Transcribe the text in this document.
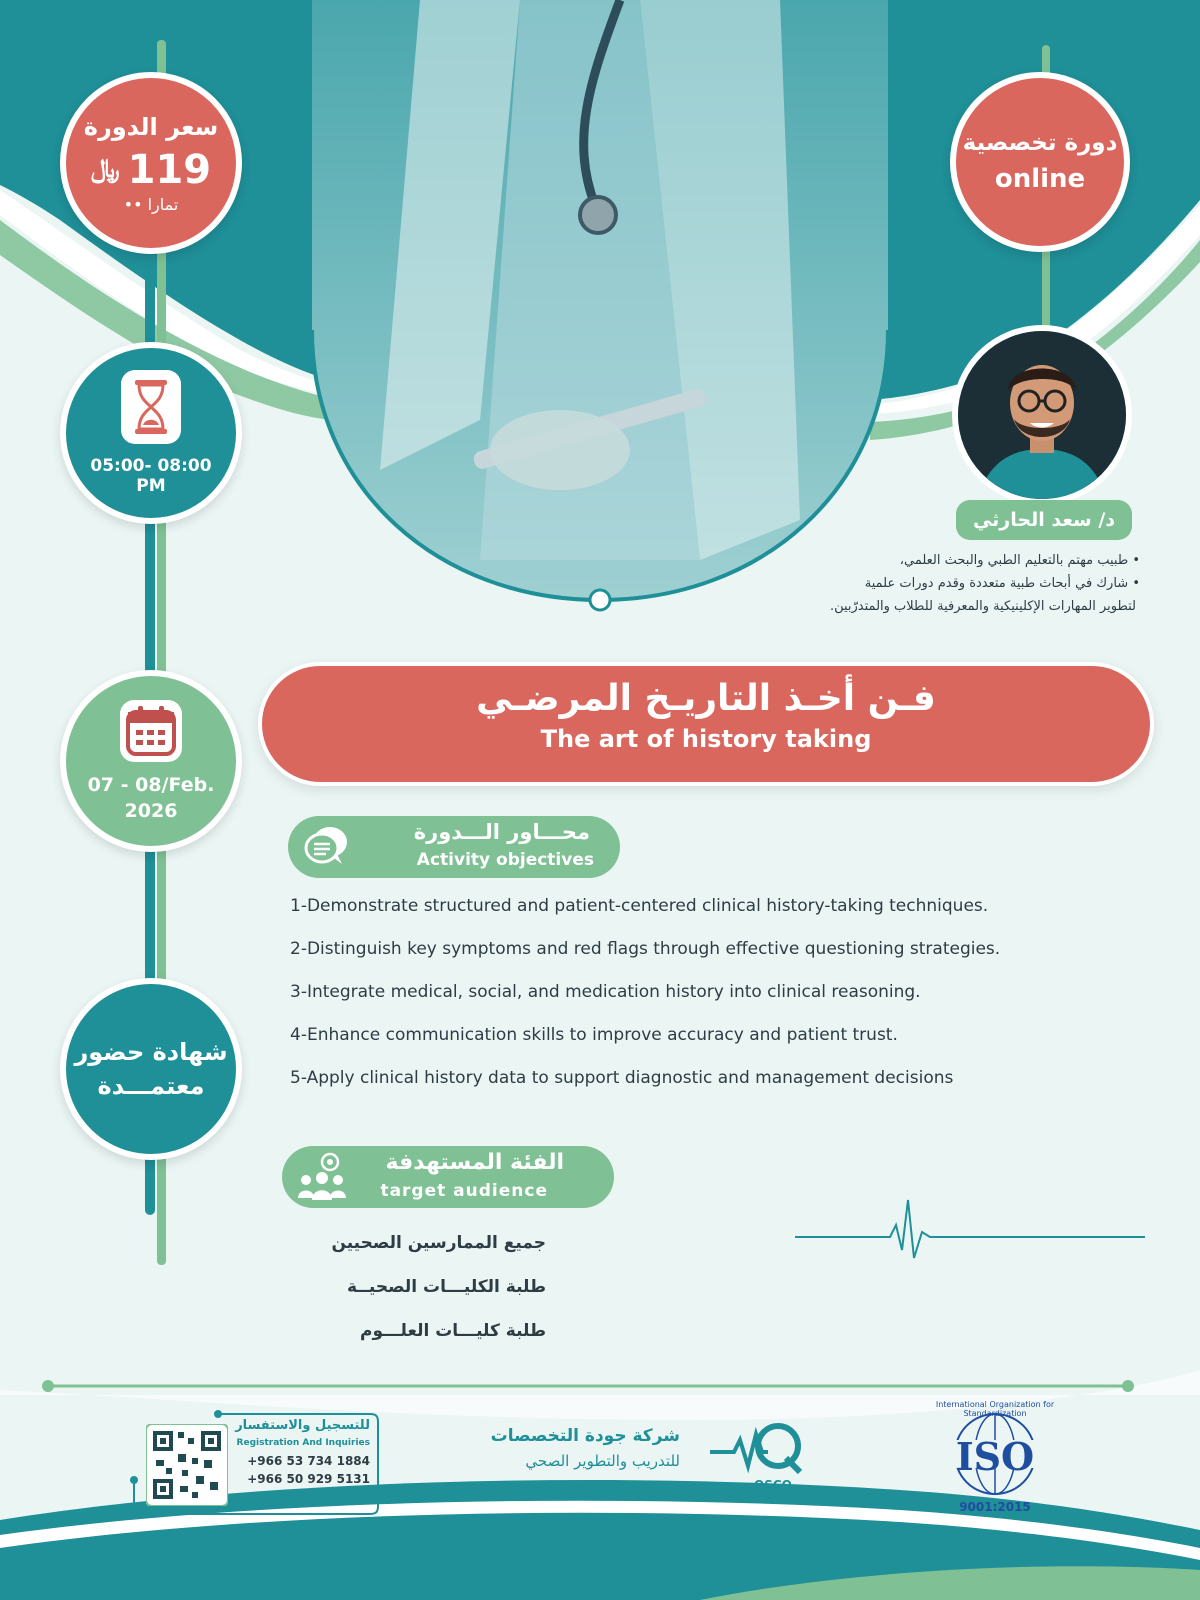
سعر الدورة
﷼ 119
تمارا ••
دورة تخصصية
online
05:00- 08:00
PM
07 - 08/Feb.
2026
شهادة حضور
معتمـــدة
د/ سعد الحارثي
• طبيب مهتم بالتعليم الطبي والبحث العلمي،
• شارك في أبحاث طبية متعددة وقدم دورات علمية
لتطوير المهارات الإكلينيكية والمعرفية للطلاب والمتدرّبين.
فـن أخـذ التاريـخ المرضـي
The art of history taking
محـــاور الـــدورة
Activity objectives
1-Demonstrate structured and patient-centered clinical history-taking techniques.
2-Distinguish key symptoms and red flags through effective questioning strategies.
3-Integrate medical, social, and medication history into clinical reasoning.
4-Enhance communication skills to improve accuracy and patient trust.
5-Apply clinical history data to support diagnostic and management decisions
الفئة المستهدفة
target audience
جميع الممارسين الصحيين
طلبة الكليـــات الصحيــة
طلبة كليـــات العلـــوم
للتسجيل والاستفسار
Registration And Inquiries
+966 53 734 1884
+966 50 929 5131
QOSCO_KSA 𝕏 ◘ ☻ ♪ ➤
شركة جودة التخصصات
للتدريب والتطوير الصحي
OSCO
International Organization for Standardization
ISO
9001:2015
